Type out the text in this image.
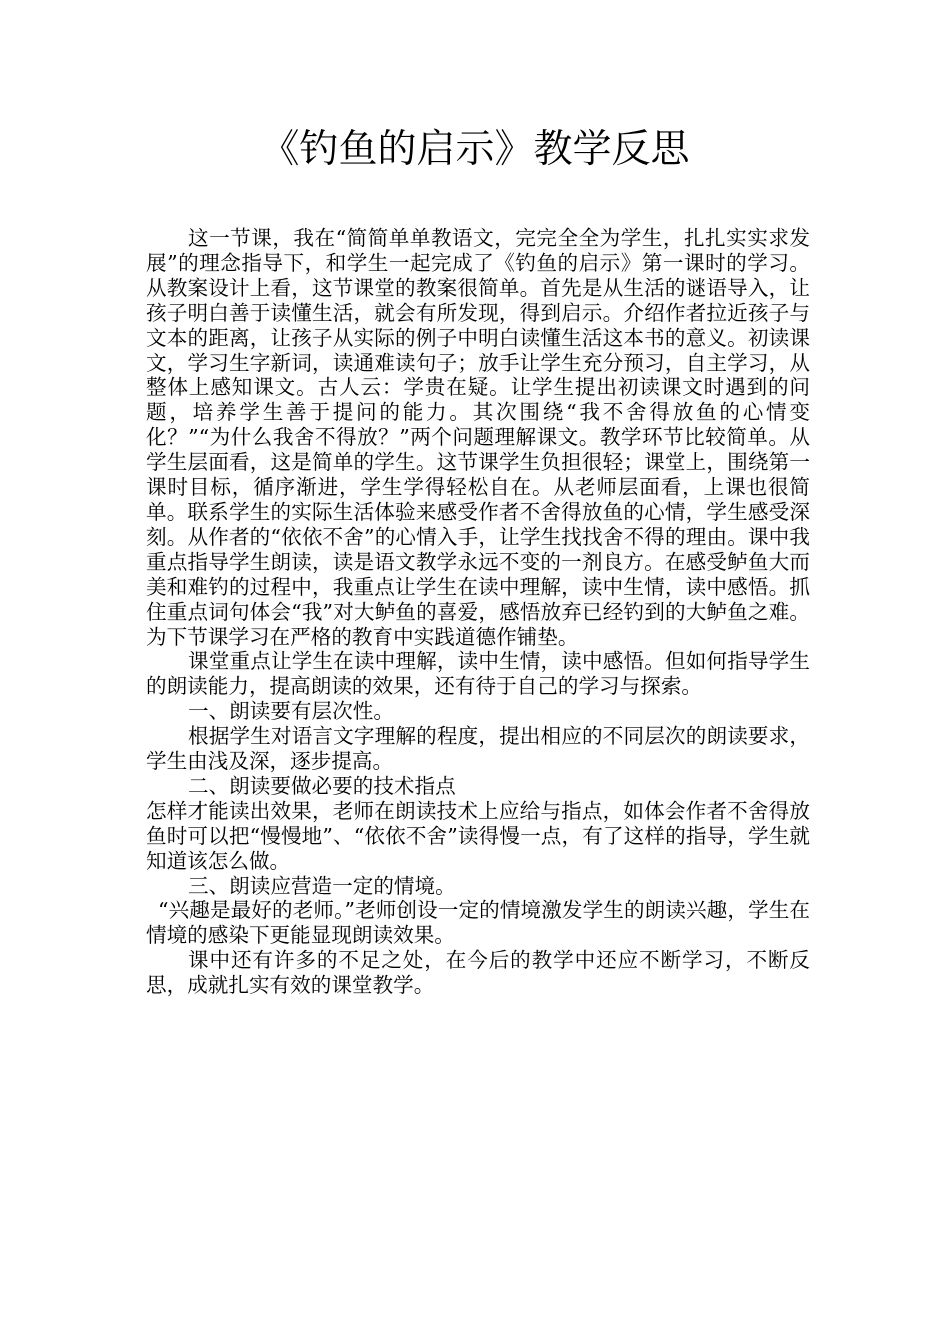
《钓鱼的启示》教学反思

这一节课，我在“简简单单教语文，完完全全为学生，扎扎实实求发展”的理念指导下，和学生一起完成了《钓鱼的启示》第一课时的学习。从教案设计上看，这节课堂的教案很简单。首先是从生活的谜语导入，让孩子明白善于读懂生活，就会有所发现，得到启示。介绍作者拉近孩子与文本的距离，让孩子从实际的例子中明白读懂生活这本书的意义。初读课文，学习生字新词，读通难读句子；放手让学生充分预习，自主学习，从整体上感知课文。古人云：学贵在疑。让学生提出初读课文时遇到的问题，培养学生善于提问的能力。其次围绕“我不舍得放鱼的心情变化？”“为什么我舍不得放？”两个问题理解课文。教学环节比较简单。从学生层面看，这是简单的学生。这节课学生负担很轻；课堂上，围绕第一课时目标，循序渐进，学生学得轻松自在。从老师层面看，上课也很简单。联系学生的实际生活体验来感受作者不舍得放鱼的心情，学生感受深刻。从作者的“依依不舍”的心情入手，让学生找找舍不得的理由。课中我重点指导学生朗读，读是语文教学永远不变的一剂良方。在感受鲈鱼大而美和难钓的过程中，我重点让学生在读中理解，读中生情，读中感悟。抓住重点词句体会“我”对大鲈鱼的喜爱，感悟放弃已经钓到的大鲈鱼之难。为下节课学习在严格的教育中实践道德作铺垫。

课堂重点让学生在读中理解，读中生情，读中感悟。但如何指导学生的朗读能力，提高朗读的效果，还有待于自己的学习与探索。

一、朗读要有层次性。

根据学生对语言文字理解的程度，提出相应的不同层次的朗读要求，学生由浅及深，逐步提高。

二、朗读要做必要的技术指点

怎样才能读出效果，老师在朗读技术上应给与指点，如体会作者不舍得放鱼时可以把“慢慢地”、“依依不舍”读得慢一点，有了这样的指导，学生就知道该怎么做。

三、朗读应营造一定的情境。

“兴趣是最好的老师。”老师创设一定的情境激发学生的朗读兴趣，学生在情境的感染下更能显现朗读效果。

课中还有许多的不足之处，在今后的教学中还应不断学习，不断反思，成就扎实有效的课堂教学。
